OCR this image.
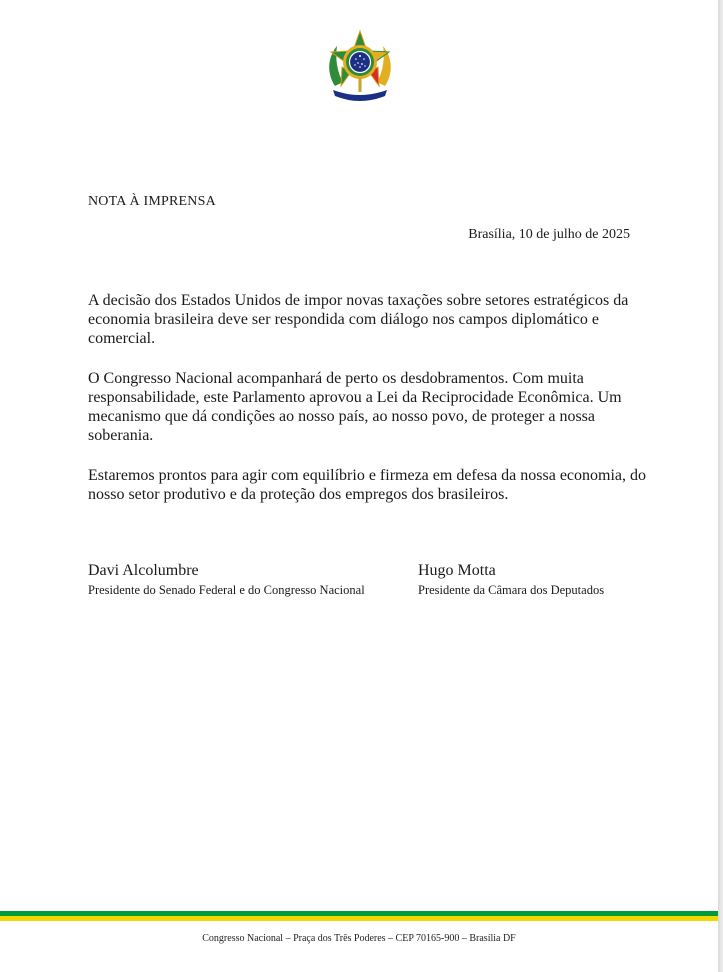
NOTA À IMPRENSA
Brasília, 10 de julho de 2025
A decisão dos Estados Unidos de impor novas taxações sobre setores estratégicos da economia brasileira deve ser respondida com diálogo nos campos diplomático e comercial.
O Congresso Nacional acompanhará de perto os desdobramentos. Com muita responsabilidade, este Parlamento aprovou a Lei da Reciprocidade Econômica. Um mecanismo que dá condições ao nosso país, ao nosso povo, de proteger a nossa soberania.
Estaremos prontos para agir com equilíbrio e firmeza em defesa da nossa economia, do nosso setor produtivo e da proteção dos empregos dos brasileiros.
Davi Alcolumbre
Presidente do Senado Federal e do Congresso Nacional
Hugo Motta
Presidente da Câmara dos Deputados
Congresso Nacional – Praça dos Três Poderes – CEP 70165-900 – Brasília DF
